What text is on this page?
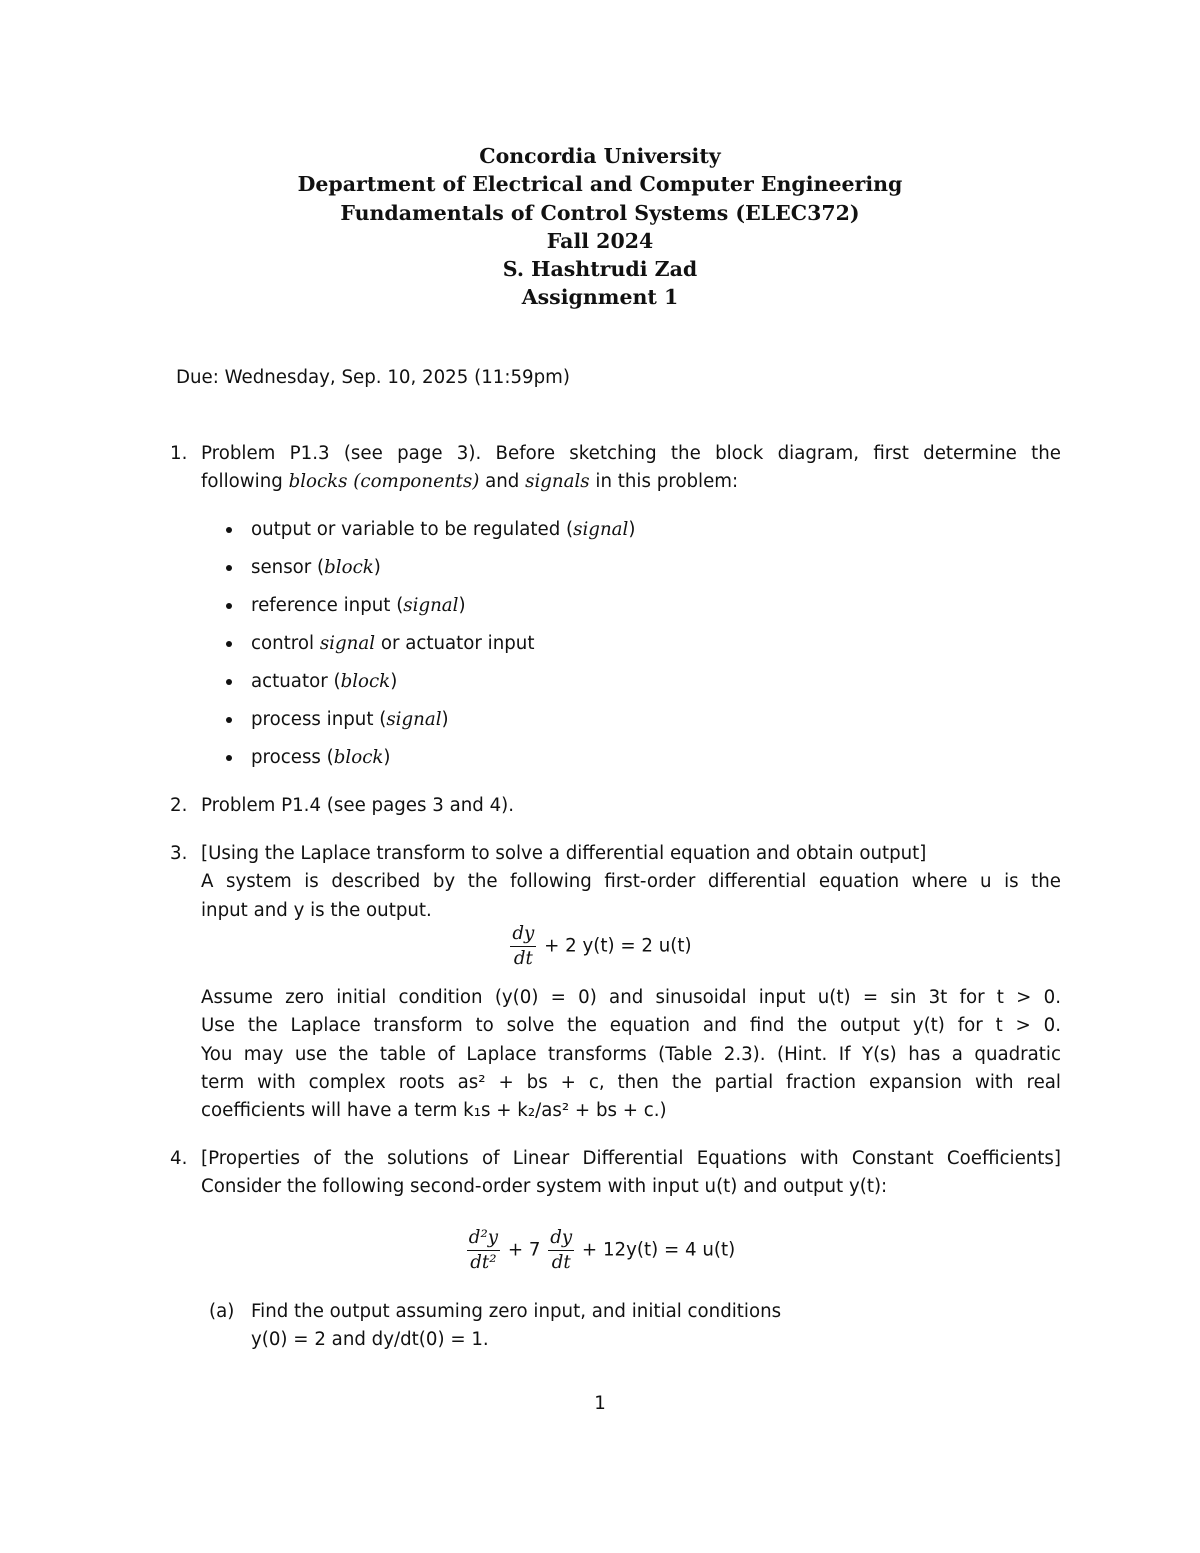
Concordia University
Department of Electrical and Computer Engineering
Fundamentals of Control Systems (ELEC372)
Fall 2024
S. Hashtrudi Zad
Assignment 1
Due: Wednesday, Sep. 10, 2025 (11:59pm)
1. Problem P1.3 (see page 3). Before sketching the block diagram, first determine the
following blocks (components) and signals in this problem:
output or variable to be regulated (signal)
sensor (block)
reference input (signal)
control signal or actuator input
actuator (block)
process input (signal)
process (block)
2. Problem P1.4 (see pages 3 and 4).
3. [Using the Laplace transform to solve a differential equation and obtain output]
A system is described by the following first-order differential equation where u is the
input and y is the output.
$\frac{dy}{dt} + 2$ y(t) = 2 u(t)
Assume zero initial condition (y(0) = 0) and sinusoidal input u(t) = sin 3t for t > 0.
Use the Laplace transform to solve the equation and find the output y(t) for t > 0.
You may use the table of Laplace transforms (Table 2.3). (Hint. If Y(s) has a quadratic
term with complex roots as² + bs + c, then the partial fraction expansion with real
coefficients will have a term k₁s + k₂/as² + bs + c.)
4. [Properties of the solutions of Linear Differential Equations with Constant Coefficients]
Consider the following second-order system with input u(t) and output y(t):
$\frac{\text{d²y}}{\text{dt²}} + 7 \frac{dy}{dt} + 12y(t) = 4$ u(t)
(a) Find the output assuming zero input, and initial conditions
y(0) = 2 and dy/dt(0) = 1.
1
